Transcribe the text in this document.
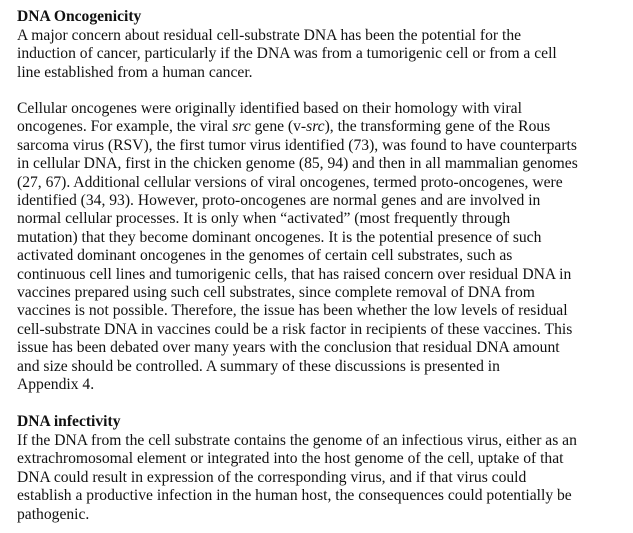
DNA Oncogenicity
A major concern about residual cell-substrate DNA has been the potential for the
induction of cancer, particularly if the DNA was from a tumorigenic cell or from a cell
line established from a human cancer.
Cellular oncogenes were originally identified based on their homology with viral
oncogenes. For example, the viral src gene (v-src), the transforming gene of the Rous
sarcoma virus (RSV), the first tumor virus identified (73), was found to have counterparts
in cellular DNA, first in the chicken genome (85, 94) and then in all mammalian genomes
(27, 67). Additional cellular versions of viral oncogenes, termed proto-oncogenes, were
identified (34, 93). However, proto-oncogenes are normal genes and are involved in
normal cellular processes. It is only when “activated” (most frequently through
mutation) that they become dominant oncogenes. It is the potential presence of such
activated dominant oncogenes in the genomes of certain cell substrates, such as
continuous cell lines and tumorigenic cells, that has raised concern over residual DNA in
vaccines prepared using such cell substrates, since complete removal of DNA from
vaccines is not possible. Therefore, the issue has been whether the low levels of residual
cell-substrate DNA in vaccines could be a risk factor in recipients of these vaccines. This
issue has been debated over many years with the conclusion that residual DNA amount
and size should be controlled. A summary of these discussions is presented in
Appendix 4.
DNA infectivity
If the DNA from the cell substrate contains the genome of an infectious virus, either as an
extrachromosomal element or integrated into the host genome of the cell, uptake of that
DNA could result in expression of the corresponding virus, and if that virus could
establish a productive infection in the human host, the consequences could potentially be
pathogenic.
